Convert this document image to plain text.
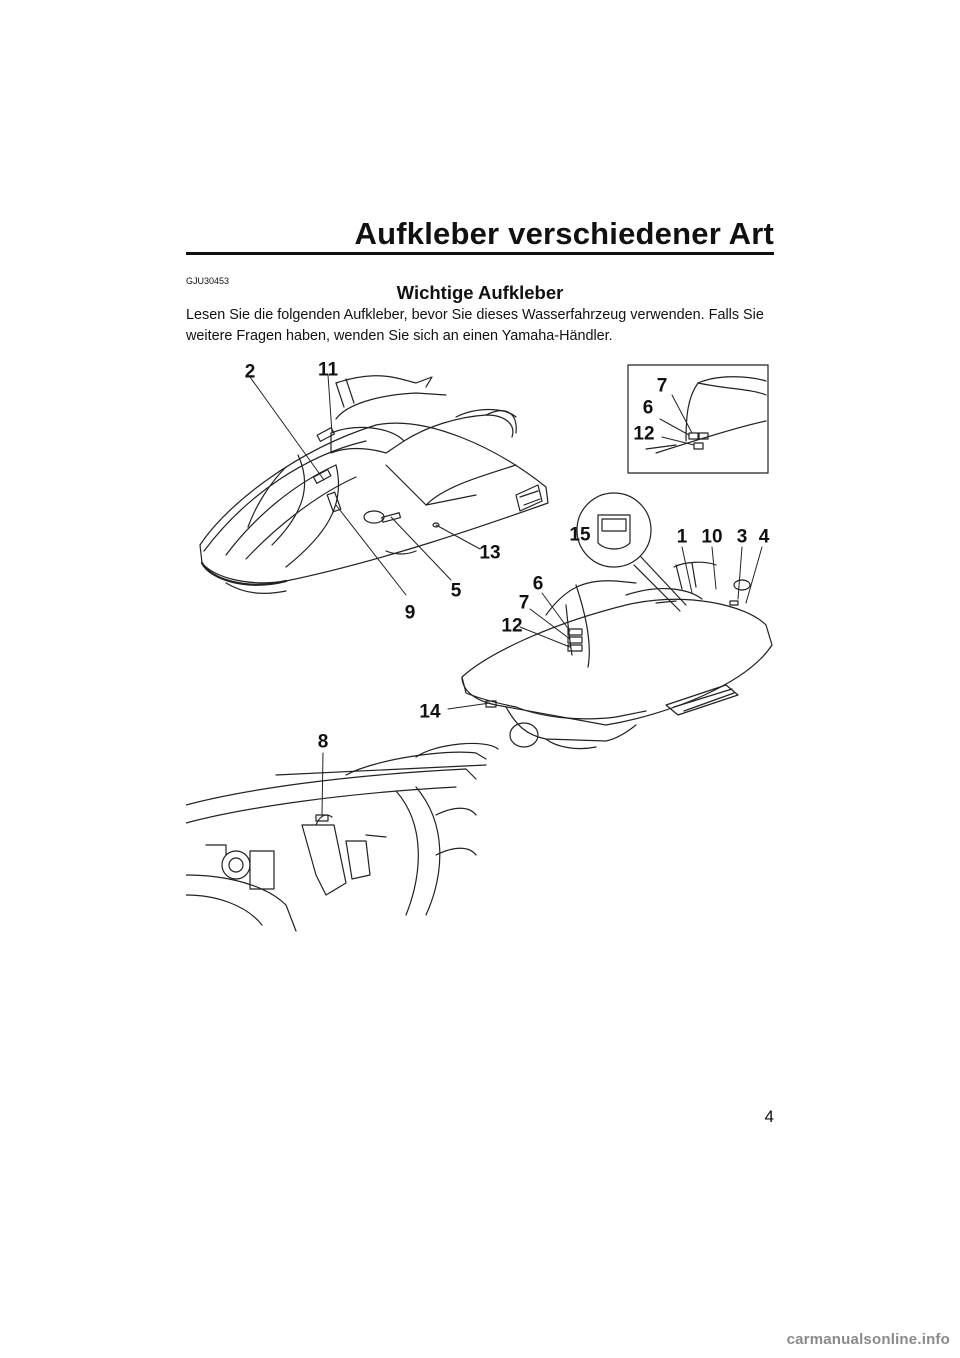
Aufkleber verschiedener Art
GJU30453
Wichtige Aufkleber
Lesen Sie die folgenden Aufkleber, bevor Sie dieses Wasserfahrzeug verwenden. Falls Sie
weitere Fragen haben, wenden Sie sich an einen Yamaha-Händler.
2	11
13
5
9
7
6
12
15	1 10 3 4
6
7
12
14
8
4
carmanualsonline.info
